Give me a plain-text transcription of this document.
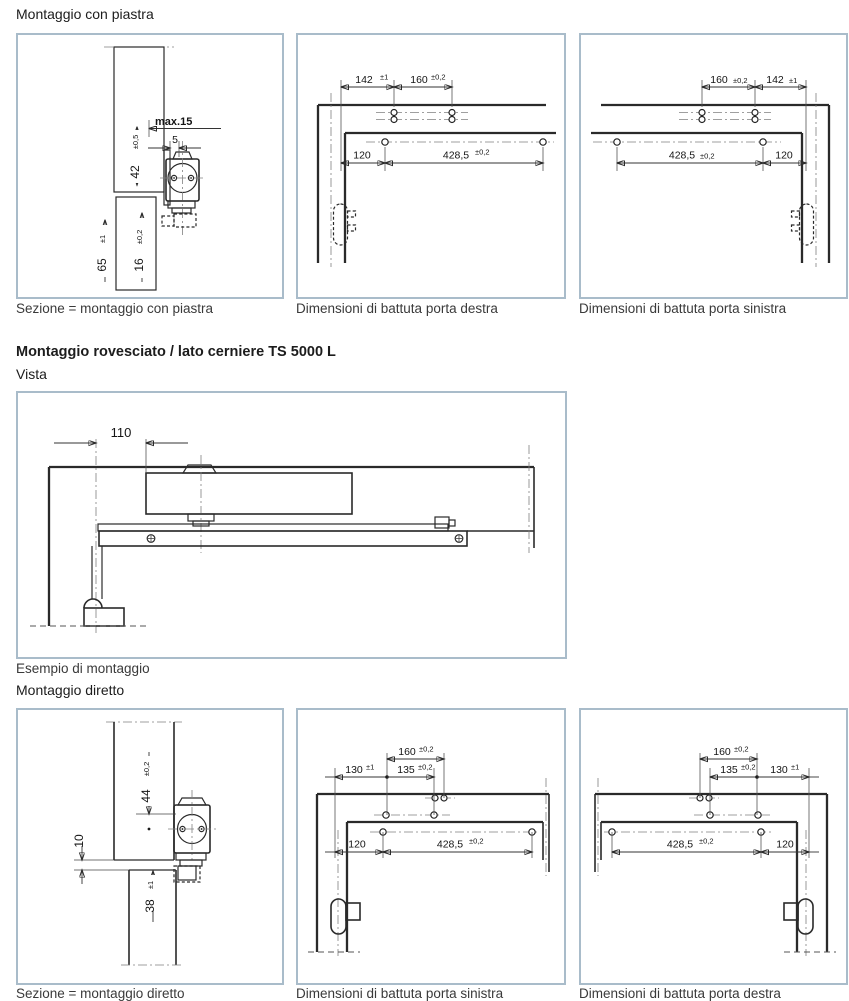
Montaggio con piastra
max.15
5
42
±0,5
65
±1
16
±0,2
142 ±1 160 ±0,2
120	428,5 ±0,2
160 ±0,2 142 ±1
428,5 ±0,2	120
Sezione = montaggio con piastra	Dimensioni di battuta porta destra	Dimensioni di battuta porta sinistra
Montaggio rovesciato / lato cerniere TS 5000 L
Vista
110
Esempio di montaggio
Montaggio diretto
44
±0,2
10
38
±1
160 ±0,2
130 ±1 135 ±0,2
120	428,5 ±0,2
160 ±0,2
135 ±0,2 130 ±1
428,5 ±0,2	120
Sezione = montaggio diretto	Dimensioni di battuta porta sinistra	Dimensioni di battuta porta destra
